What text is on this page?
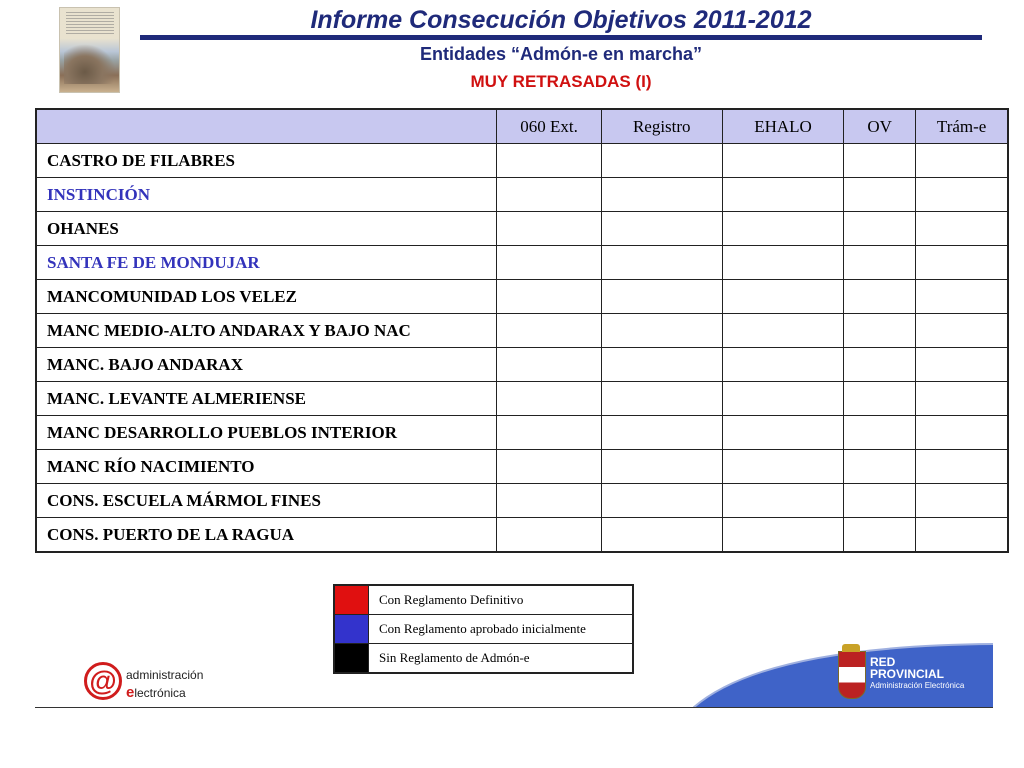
Informe Consecución Objetivos 2011-2012
Entidades “Admón-e en marcha”
MUY RETRASADAS (I)
	060 Ext.	Registro	EHALO	OV	Trám-e
CASTRO DE FILABRES					
INSTINCIÓN					
OHANES					
SANTA FE DE MONDUJAR					
MANCOMUNIDAD LOS VELEZ					
MANC MEDIO-ALTO ANDARAX Y BAJO NAC					
MANC. BAJO ANDARAX					
MANC. LEVANTE ALMERIENSE					
MANC DESARROLLO PUEBLOS INTERIOR					
MANC RÍO NACIMIENTO					
CONS. ESCUELA MÁRMOL FINES					
CONS. PUERTO DE LA RAGUA					
Con Reglamento Definitivo
Con Reglamento aprobado inicialmente
Sin Reglamento de Admón-e
@ administración
electrónica
RED
PROVINCIAL
Administración Electrónica
